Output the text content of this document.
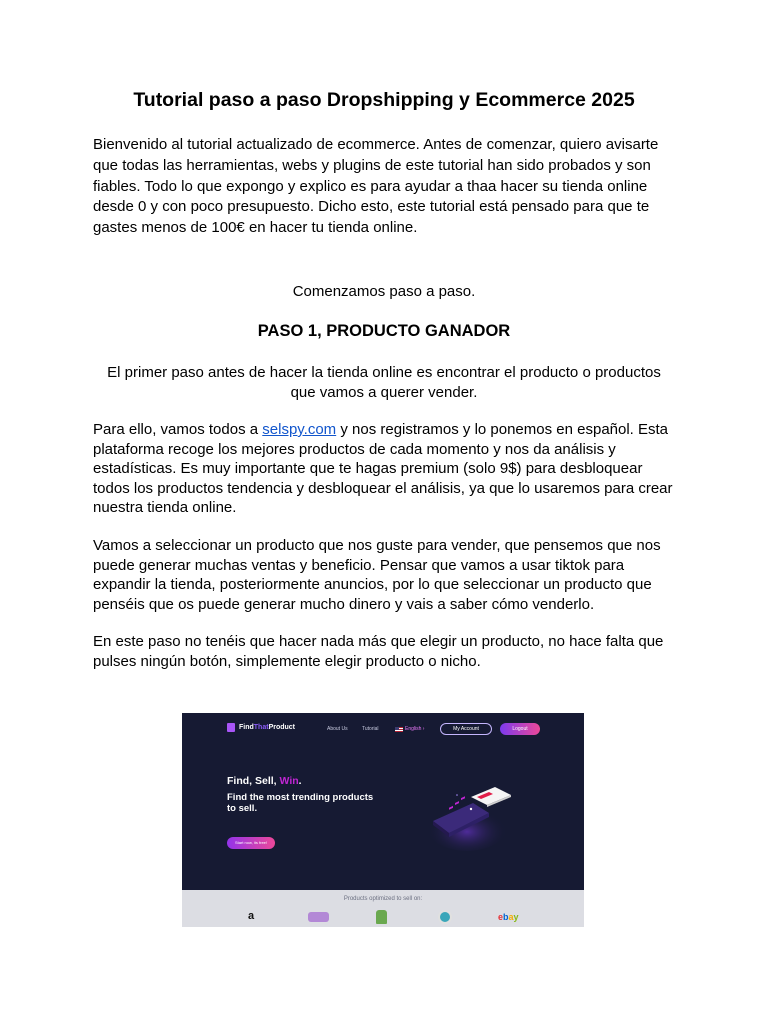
Tutorial paso a paso Dropshipping y Ecommerce 2025

Bienvenido al tutorial actualizado de ecommerce. Antes de comenzar, quiero avisarte que todas las herramientas, webs y plugins de este tutorial han sido probados y son fiables. Todo lo que expongo y explico es para ayudar a thaa hacer su tienda online desde 0 y con poco presupuesto. Dicho esto, este tutorial está pensado para que te gastes menos de 100€ en hacer tu tienda online.

Comenzamos paso a paso.

PASO 1, PRODUCTO GANADOR

El primer paso antes de hacer la tienda online es encontrar el producto o productos que vamos a querer vender.

Para ello, vamos todos a selspy.com y nos registramos y lo ponemos en español. Esta plataforma recoge los mejores productos de cada momento y nos da análisis y estadísticas. Es muy importante que te hagas premium (solo 9$) para desbloquear todos los productos tendencia y desbloquear el análisis, ya que lo usaremos para crear nuestra tienda online.

Vamos a seleccionar un producto que nos guste para vender, que pensemos que nos puede generar muchas ventas y beneficio. Pensar que vamos a usar tiktok para expandir la tienda, posteriormente anuncios, por lo que seleccionar un producto que penséis que os puede generar mucho dinero y vais a saber cómo venderlo.

En este paso no tenéis que hacer nada más que elegir un producto, no hace falta que pulses ningún botón, simplemente elegir producto o nicho.

FindThatProduct	About Us	Tutorial	English ›	My Account	Logout
Find, Sell, Win.
Find the most trending products to sell.
Start now, its free!
Products optimized to sell on:
a	ebay
